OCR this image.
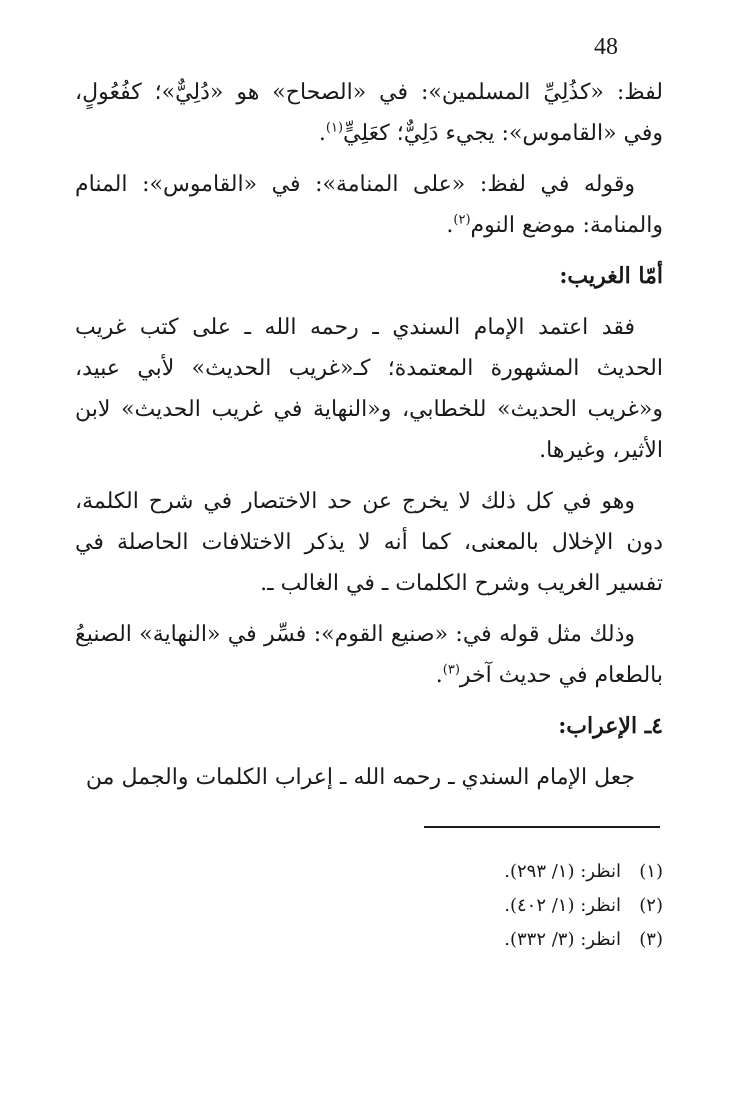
48

لفظ: «كذُلِيِّ المسلمين»: في «الصحاح» هو «دُلِيٌّ»؛ كفُعُولٍ، وفي «القاموس»: يجيء دَلِيٌّ؛ كعَلِيٍّ$^{(١)}$.

وقوله في لفظ: «على المنامة»: في «القاموس»: المنام والمنامة: موضع النوم$^{(٢)}$.

أمّا الغريب:

فقد اعتمد الإمام السندي ـ رحمه الله ـ على كتب غريب الحديث المشهورة المعتمدة؛ كـ«غريب الحديث» لأبي عبيد، و«غريب الحديث» للخطابي، و«النهاية في غريب الحديث» لابن الأثير، وغيرها.

وهو في كل ذلك لا يخرج عن حد الاختصار في شرح الكلمة، دون الإخلال بالمعنى، كما أنه لا يذكر الاختلافات الحاصلة في تفسير الغريب وشرح الكلمات ـ في الغالب ـ.

وذلك مثل قوله في: «صنيع القوم»: فسِّر في «النهاية» الصنيعُ بالطعام في حديث آخر$^{(٣)}$.

٤ـ الإعراب:

جعل الإمام السندي ـ رحمه الله ـ إعراب الكلمات والجمل من

(١)
انظر: (١/ ٢٩٣).
(٢)
انظر: (١/ ٤٠٢).
(٣)
انظر: (٣/ ٣٣٢).
